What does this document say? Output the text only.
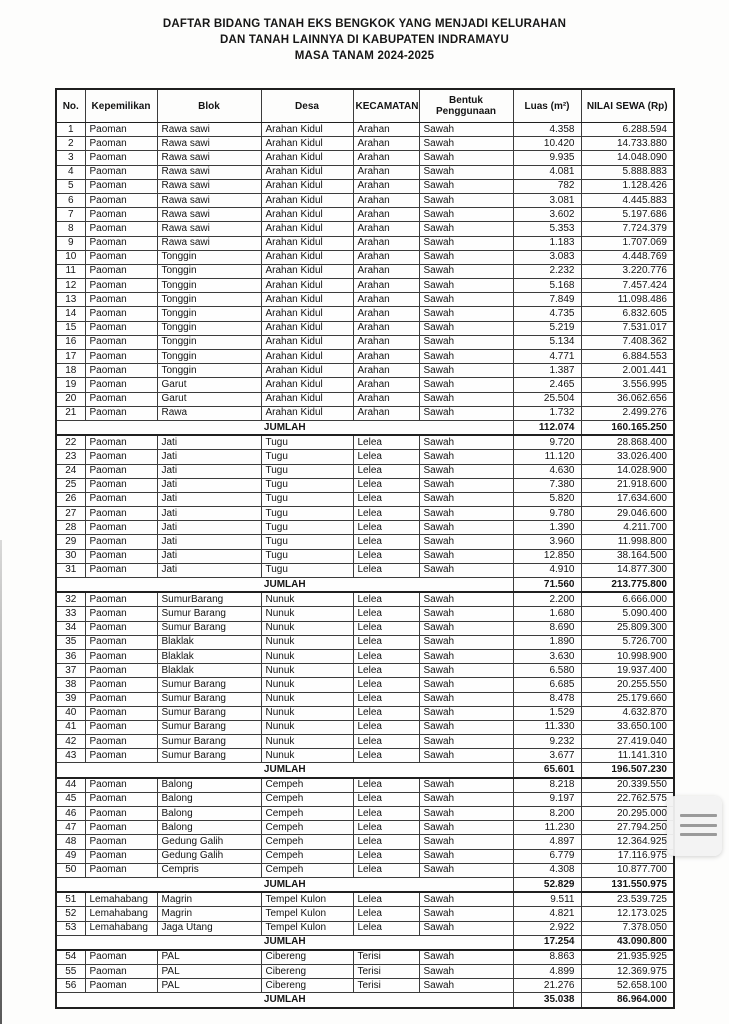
DAFTAR BIDANG TANAH EKS BENGKOK YANG MENJADI KELURAHAN
DAN TANAH LAINNYA DI KABUPATEN INDRAMAYU
MASA TANAM 2024-2025
No.	Kepemilikan	Blok	Desa	KECAMATAN	Bentuk Penggunaan	Luas (m²)	NILAI SEWA (Rp)
1	Paoman	Rawa sawi	Arahan Kidul	Arahan	Sawah	4.358	6.288.594
2	Paoman	Rawa sawi	Arahan Kidul	Arahan	Sawah	10.420	14.733.880
3	Paoman	Rawa sawi	Arahan Kidul	Arahan	Sawah	9.935	14.048.090
4	Paoman	Rawa sawi	Arahan Kidul	Arahan	Sawah	4.081	5.888.883
5	Paoman	Rawa sawi	Arahan Kidul	Arahan	Sawah	782	1.128.426
6	Paoman	Rawa sawi	Arahan Kidul	Arahan	Sawah	3.081	4.445.883
7	Paoman	Rawa sawi	Arahan Kidul	Arahan	Sawah	3.602	5.197.686
8	Paoman	Rawa sawi	Arahan Kidul	Arahan	Sawah	5.353	7.724.379
9	Paoman	Rawa sawi	Arahan Kidul	Arahan	Sawah	1.183	1.707.069
10	Paoman	Tonggin	Arahan Kidul	Arahan	Sawah	3.083	4.448.769
11	Paoman	Tonggin	Arahan Kidul	Arahan	Sawah	2.232	3.220.776
12	Paoman	Tonggin	Arahan Kidul	Arahan	Sawah	5.168	7.457.424
13	Paoman	Tonggin	Arahan Kidul	Arahan	Sawah	7.849	11.098.486
14	Paoman	Tonggin	Arahan Kidul	Arahan	Sawah	4.735	6.832.605
15	Paoman	Tonggin	Arahan Kidul	Arahan	Sawah	5.219	7.531.017
16	Paoman	Tonggin	Arahan Kidul	Arahan	Sawah	5.134	7.408.362
17	Paoman	Tonggin	Arahan Kidul	Arahan	Sawah	4.771	6.884.553
18	Paoman	Tonggin	Arahan Kidul	Arahan	Sawah	1.387	2.001.441
19	Paoman	Garut	Arahan Kidul	Arahan	Sawah	2.465	3.556.995
20	Paoman	Garut	Arahan Kidul	Arahan	Sawah	25.504	36.062.656
21	Paoman	Rawa	Arahan Kidul	Arahan	Sawah	1.732	2.499.276
JUMLAH						112.074	160.165.250
22	Paoman	Jati	Tugu	Lelea	Sawah	9.720	28.868.400
23	Paoman	Jati	Tugu	Lelea	Sawah	11.120	33.026.400
24	Paoman	Jati	Tugu	Lelea	Sawah	4.630	14.028.900
25	Paoman	Jati	Tugu	Lelea	Sawah	7.380	21.918.600
26	Paoman	Jati	Tugu	Lelea	Sawah	5.820	17.634.600
27	Paoman	Jati	Tugu	Lelea	Sawah	9.780	29.046.600
28	Paoman	Jati	Tugu	Lelea	Sawah	1.390	4.211.700
29	Paoman	Jati	Tugu	Lelea	Sawah	3.960	11.998.800
30	Paoman	Jati	Tugu	Lelea	Sawah	12.850	38.164.500
31	Paoman	Jati	Tugu	Lelea	Sawah	4.910	14.877.300
JUMLAH						71.560	213.775.800
32	Paoman	SumurBarang	Nunuk	Lelea	Sawah	2.200	6.666.000
33	Paoman	Sumur Barang	Nunuk	Lelea	Sawah	1.680	5.090.400
34	Paoman	Sumur Barang	Nunuk	Lelea	Sawah	8.690	25.809.300
35	Paoman	Blaklak	Nunuk	Lelea	Sawah	1.890	5.726.700
36	Paoman	Blaklak	Nunuk	Lelea	Sawah	3.630	10.998.900
37	Paoman	Blaklak	Nunuk	Lelea	Sawah	6.580	19.937.400
38	Paoman	Sumur Barang	Nunuk	Lelea	Sawah	6.685	20.255.550
39	Paoman	Sumur Barang	Nunuk	Lelea	Sawah	8.478	25.179.660
40	Paoman	Sumur Barang	Nunuk	Lelea	Sawah	1.529	4.632.870
41	Paoman	Sumur Barang	Nunuk	Lelea	Sawah	11.330	33.650.100
42	Paoman	Sumur Barang	Nunuk	Lelea	Sawah	9.232	27.419.040
43	Paoman	Sumur Barang	Nunuk	Lelea	Sawah	3.677	11.141.310
JUMLAH						65.601	196.507.230
44	Paoman	Balong	Cempeh	Lelea	Sawah	8.218	20.339.550
45	Paoman	Balong	Cempeh	Lelea	Sawah	9.197	22.762.575
46	Paoman	Balong	Cempeh	Lelea	Sawah	8.200	20.295.000
47	Paoman	Balong	Cempeh	Lelea	Sawah	11.230	27.794.250
48	Paoman	Gedung Galih	Cempeh	Lelea	Sawah	4.897	12.364.925
49	Paoman	Gedung Galih	Cempeh	Lelea	Sawah	6.779	17.116.975
50	Paoman	Cempris	Cempeh	Lelea	Sawah	4.308	10.877.700
JUMLAH						52.829	131.550.975
51	Lemahabang	Magrin	Tempel Kulon	Lelea	Sawah	9.511	23.539.725
52	Lemahabang	Magrin	Tempel Kulon	Lelea	Sawah	4.821	12.173.025
53	Lemahabang	Jaga Utang	Tempel Kulon	Lelea	Sawah	2.922	7.378.050
JUMLAH						17.254	43.090.800
54	Paoman	PAL	Cibereng	Terisi	Sawah	8.863	21.935.925
55	Paoman	PAL	Cibereng	Terisi	Sawah	4.899	12.369.975
56	Paoman	PAL	Cibereng	Terisi	Sawah	21.276	52.658.100
JUMLAH						35.038	86.964.000
